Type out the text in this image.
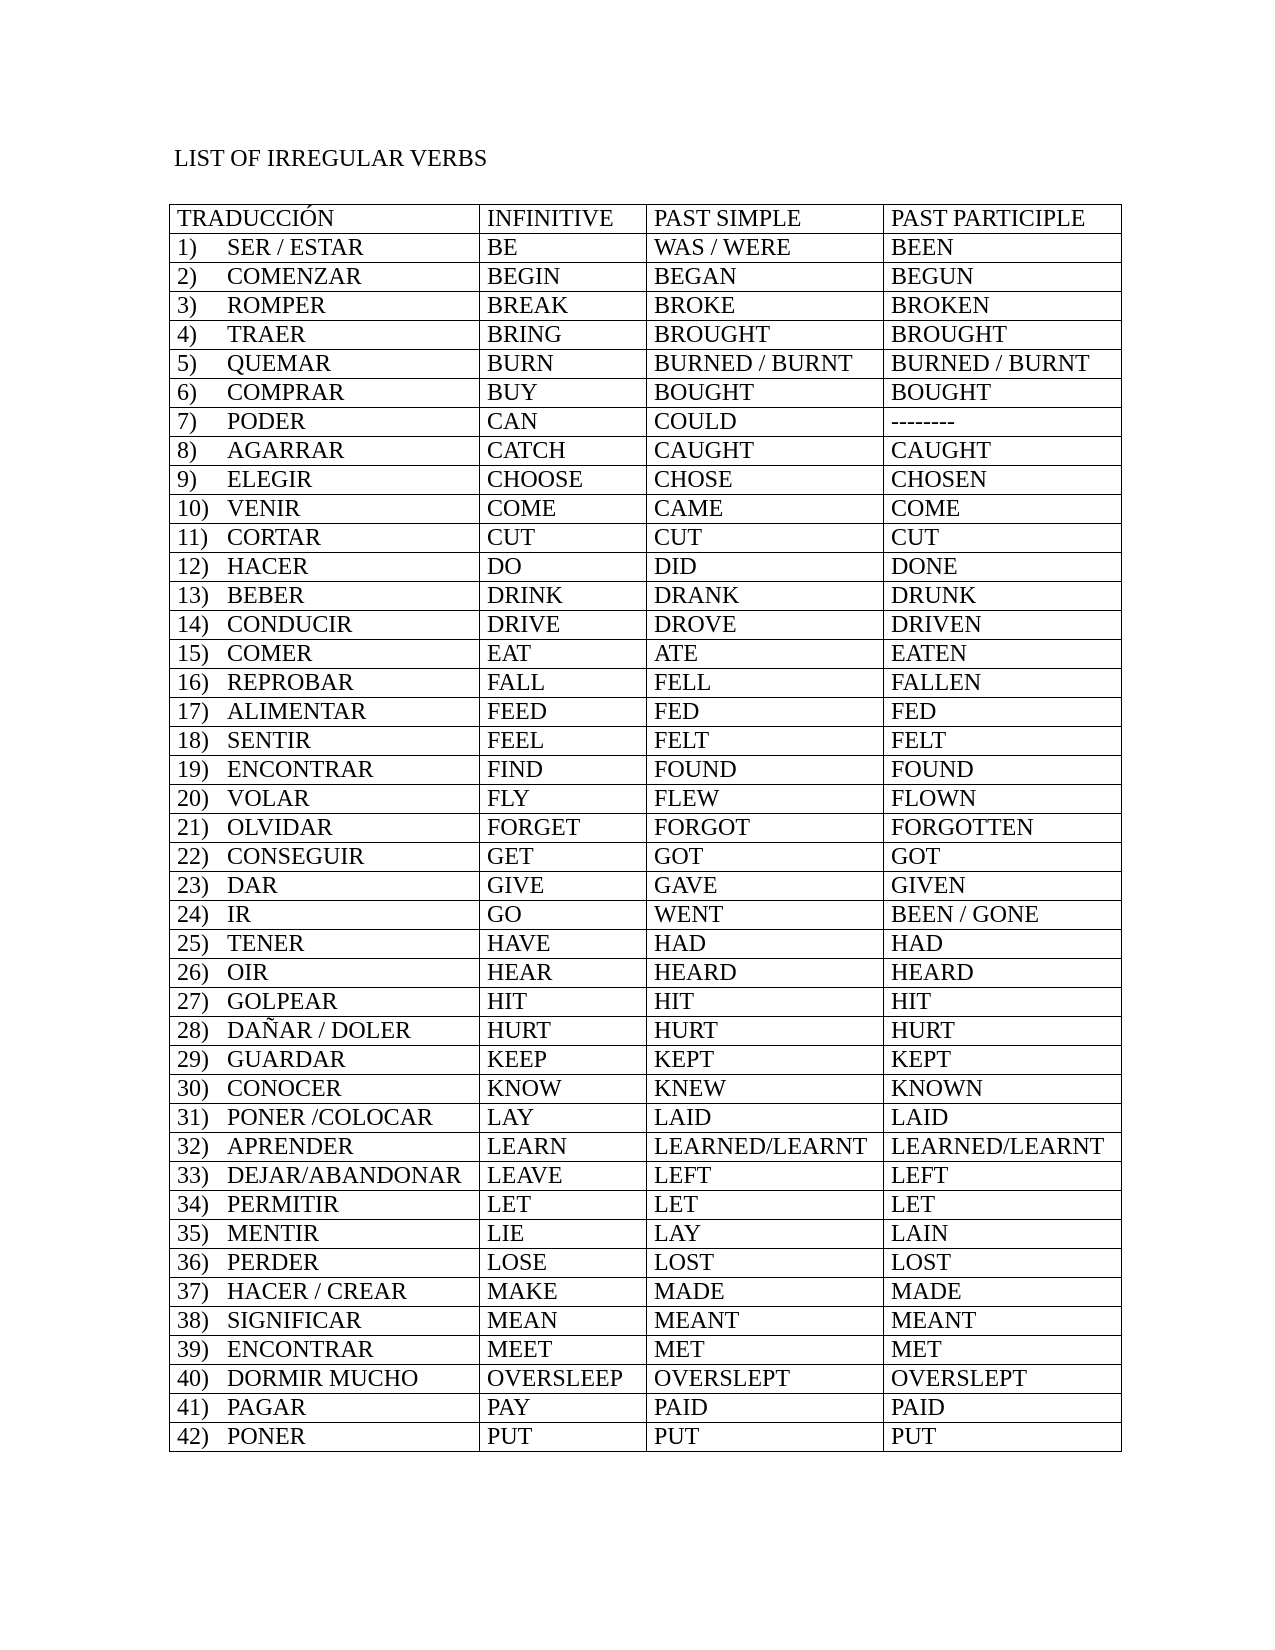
LIST OF IRREGULAR VERBS
TRADUCCIÓN	INFINITIVE	PAST SIMPLE	PAST PARTICIPLE
1) SER / ESTAR	BE	WAS / WERE	BEEN
2) COMENZAR	BEGIN	BEGAN	BEGUN
3) ROMPER	BREAK	BROKE	BROKEN
4) TRAER	BRING	BROUGHT	BROUGHT
5) QUEMAR	BURN	BURNED / BURNT	BURNED / BURNT
6) COMPRAR	BUY	BOUGHT	BOUGHT
7) PODER	CAN	COULD	--------
8) AGARRAR	CATCH	CAUGHT	CAUGHT
9) ELEGIR	CHOOSE	CHOSE	CHOSEN
10) VENIR	COME	CAME	COME
11) CORTAR	CUT	CUT	CUT
12) HACER	DO	DID	DONE
13) BEBER	DRINK	DRANK	DRUNK
14) CONDUCIR	DRIVE	DROVE	DRIVEN
15) COMER	EAT	ATE	EATEN
16) REPROBAR	FALL	FELL	FALLEN
17) ALIMENTAR	FEED	FED	FED
18) SENTIR	FEEL	FELT	FELT
19) ENCONTRAR	FIND	FOUND	FOUND
20) VOLAR	FLY	FLEW	FLOWN
21) OLVIDAR	FORGET	FORGOT	FORGOTTEN
22) CONSEGUIR	GET	GOT	GOT
23) DAR	GIVE	GAVE	GIVEN
24) IR	GO	WENT	BEEN / GONE
25) TENER	HAVE	HAD	HAD
26) OIR	HEAR	HEARD	HEARD
27) GOLPEAR	HIT	HIT	HIT
28) DAÑAR / DOLER	HURT	HURT	HURT
29) GUARDAR	KEEP	KEPT	KEPT
30) CONOCER	KNOW	KNEW	KNOWN
31) PONER /COLOCAR	LAY	LAID	LAID
32) APRENDER	LEARN	LEARNED/LEARNT	LEARNED/LEARNT
33) DEJAR/ABANDONAR	LEAVE	LEFT	LEFT
34) PERMITIR	LET	LET	LET
35) MENTIR	LIE	LAY	LAIN
36) PERDER	LOSE	LOST	LOST
37) HACER / CREAR	MAKE	MADE	MADE
38) SIGNIFICAR	MEAN	MEANT	MEANT
39) ENCONTRAR	MEET	MET	MET
40) DORMIR MUCHO	OVERSLEEP	OVERSLEPT	OVERSLEPT
41) PAGAR	PAY	PAID	PAID
42) PONER	PUT	PUT	PUT
